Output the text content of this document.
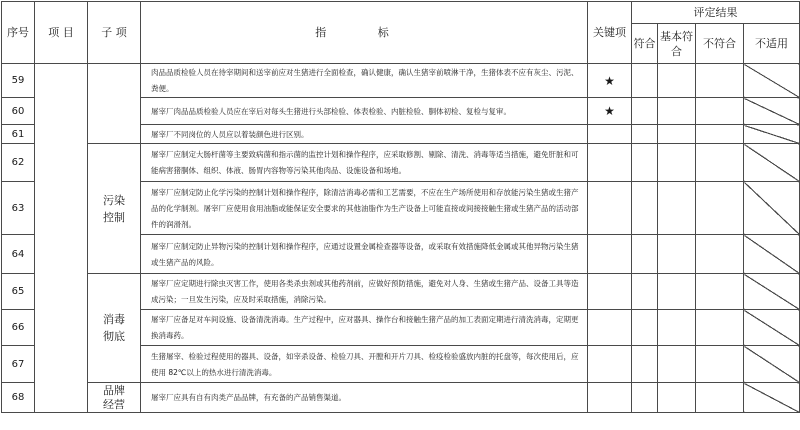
序号	项 目	子 项	指 标	关键项	评定结果			
					符合	基本符合	不符合	不适用
59			肉品品质检验人员在待宰期间和送宰前应对生猪进行全面检查，确认健康，确认生猪宰前喷淋干净，生猪体表不应有灰尘、污泥、粪便。	★				
60			屠宰厂肉品品质检验人员应在宰后对每头生猪进行头部检验、体表检验、内脏检验、胴体初检、复检与复审。	★				
61			屠宰厂不同岗位的人员应以着装颜色进行区别。					
62		污染控制	屠宰厂应制定大肠杆菌等主要致病菌和指示菌的监控计划和操作程序，应采取修割、剔除、清洗、消毒等适当措施，避免肝脏和可能病害猪胴体、组织、体液、肠胃内容物等污染其他肉品、设施设备和场地。					
63			屠宰厂应制定防止化学污染的控制计划和操作程序，除清洁消毒必需和工艺需要，不应在生产场所使用和存放能污染生猪或生猪产品的化学制剂。屠宰厂应使用食用油脂或能保证安全要求的其他油脂作为生产设备上可能直接或间接接触生猪或生猪产品的活动部件的润滑剂。					
64			屠宰厂应制定防止异物污染的控制计划和操作程序，应通过设置金属检查器等设备，或采取有效措施降低金属或其他异物污染生猪或生猪产品的风险。					
65		消毒彻底	屠宰厂应定期进行除虫灭害工作，使用各类杀虫剂或其他药剂前，应做好预防措施，避免对人身、生猪或生猪产品、设备工具等造成污染；一旦发生污染，应及时采取措施，消除污染。					
66			屠宰厂应备足对车间设施、设备清洗消毒。生产过程中，应对器具、操作台和接触生猪产品的加工表面定期进行清洗消毒，定期更换消毒药。					
67			生猪屠宰、检验过程使用的器具、设备，如宰杀设备、检验刀具、开膛和开片刀具、检疫检验盛放内脏的托盘等，每次使用后，应使用 82℃以上的热水进行清洗消毒。					
68		品牌经营	屠宰厂应具有自有肉类产品品牌，有充备的产品销售渠道。					
